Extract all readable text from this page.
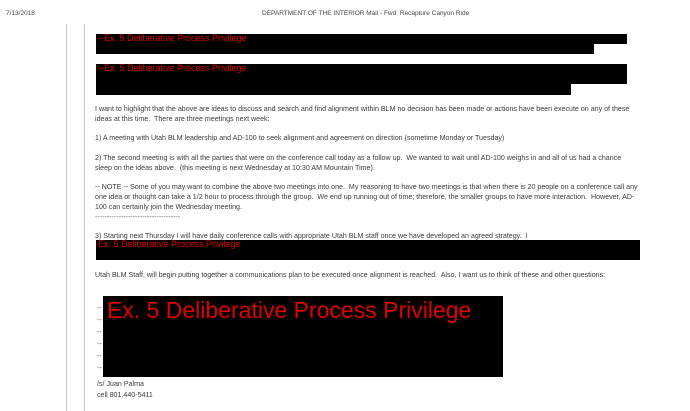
7/13/2018	DEPARTMENT OF THE INTERIOR Mail - Fwd: Recapture Canyon Ride
--Ex. 5 Deliberative Process Privilege
--Ex. 5 Deliberative Process Privilege
I want to highlight that the above are ideas to discuss and search and find alignment within BLM no decision has been made or actions have been execute on any of these ideas at this time.  There are three meetings next week:
1) A meeting with Utah BLM leadership and AD-100 to seek alignment and agreement on direction (sometime Monday or Tuesday)
2) The second meeting is with all the parties that were on the conference call today as a follow up.  We wanted to wait until AD-100 weighs in and all of us had a chance sleep on the ideas above.  (this meeting is next Wednesday at 10:30 AM Mountain Time).
-- NOTE -- Some of you may want to combine the above two meetings into one.  My reasoning to have two meetings is that when there is 20 people on a conference call any one idea or thought can take a 1/2 hour to process through the group.  We end up running out of time; therefore, the smaller groups to have more interaction.  However, AD-100 can certainly join the Wednesday meeting.
------------------------------------
3) Starting next Thursday I will have daily conference calls with appropriate Utah BLM staff once we have developed an agreed strategy.  I
Ex. 5 Deliberative Process Privilege
Utah BLM Staff, will begin putting together a communications plan to be executed once alignment is reached.  Also, I want us to think of these and other questions:
Ex. 5 Deliberative Process Privilege
--
--
--
--
--
--
/s/ Juan Palma
cell 801.440-5411
